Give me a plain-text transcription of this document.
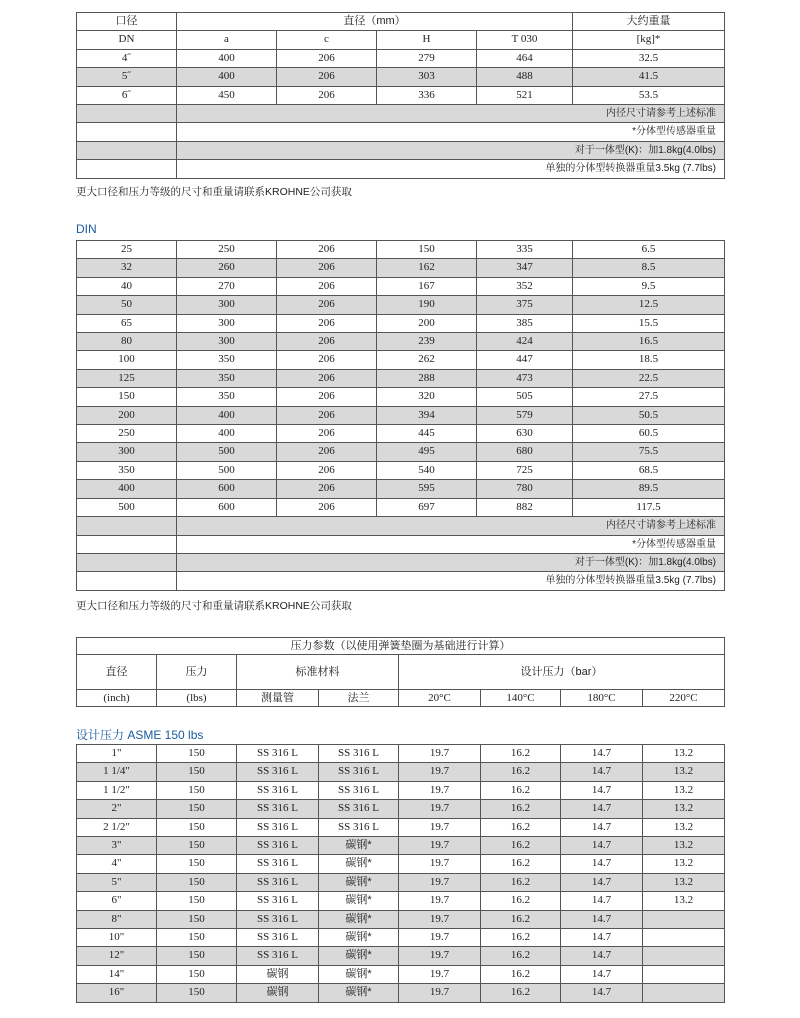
口径	直径（mm）				大约重量
DN	a	c	H	T 030	[kg]*
4˝	400	206	279	464	32.5
5˝	400	206	303	488	41.5
6˝	450	206	336	521	53.5
	内径尺寸请参考上述标准				
	*分体型传感器重量				
	对于一体型(K)：加1.8kg(4.0lbs)				
	单独的分体型转换器重量3.5kg (7.7lbs)				
更大口径和压力等级的尺寸和重量请联系KROHNE公司获取
DIN
25	250	206	150	335	6.5
32	260	206	162	347	8.5
40	270	206	167	352	9.5
50	300	206	190	375	12.5
65	300	206	200	385	15.5
80	300	206	239	424	16.5
100	350	206	262	447	18.5
125	350	206	288	473	22.5
150	350	206	320	505	27.5
200	400	206	394	579	50.5
250	400	206	445	630	60.5
300	500	206	495	680	75.5
350	500	206	540	725	68.5
400	600	206	595	780	89.5
500	600	206	697	882	117.5
	内径尺寸请参考上述标准				
	*分体型传感器重量				
	对于一体型(K)：加1.8kg(4.0lbs)				
	单独的分体型转换器重量3.5kg (7.7lbs)				
更大口径和压力等级的尺寸和重量请联系KROHNE公司获取
压力参数（以使用弹簧垫圈为基础进行计算）							
直径	压力	标准材料		设计压力（bar）			
(inch)	(lbs)	测量管	法兰	20°C	140°C	180°C	220°C
设计压力 ASME 150 lbs
1"	150	SS 316 L	SS 316 L	19.7	16.2	14.7	13.2
1 1/4"	150	SS 316 L	SS 316 L	19.7	16.2	14.7	13.2
1 1/2"	150	SS 316 L	SS 316 L	19.7	16.2	14.7	13.2
2"	150	SS 316 L	SS 316 L	19.7	16.2	14.7	13.2
2 1/2"	150	SS 316 L	SS 316 L	19.7	16.2	14.7	13.2
3"	150	SS 316 L	碳钢*	19.7	16.2	14.7	13.2
4"	150	SS 316 L	碳钢*	19.7	16.2	14.7	13.2
5"	150	SS 316 L	碳钢*	19.7	16.2	14.7	13.2
6"	150	SS 316 L	碳钢*	19.7	16.2	14.7	13.2
8"	150	SS 316 L	碳钢*	19.7	16.2	14.7	
10"	150	SS 316 L	碳钢*	19.7	16.2	14.7	
12"	150	SS 316 L	碳钢*	19.7	16.2	14.7	
14"	150	碳钢	碳钢*	19.7	16.2	14.7	
16"	150	碳钢	碳钢*	19.7	16.2	14.7	
